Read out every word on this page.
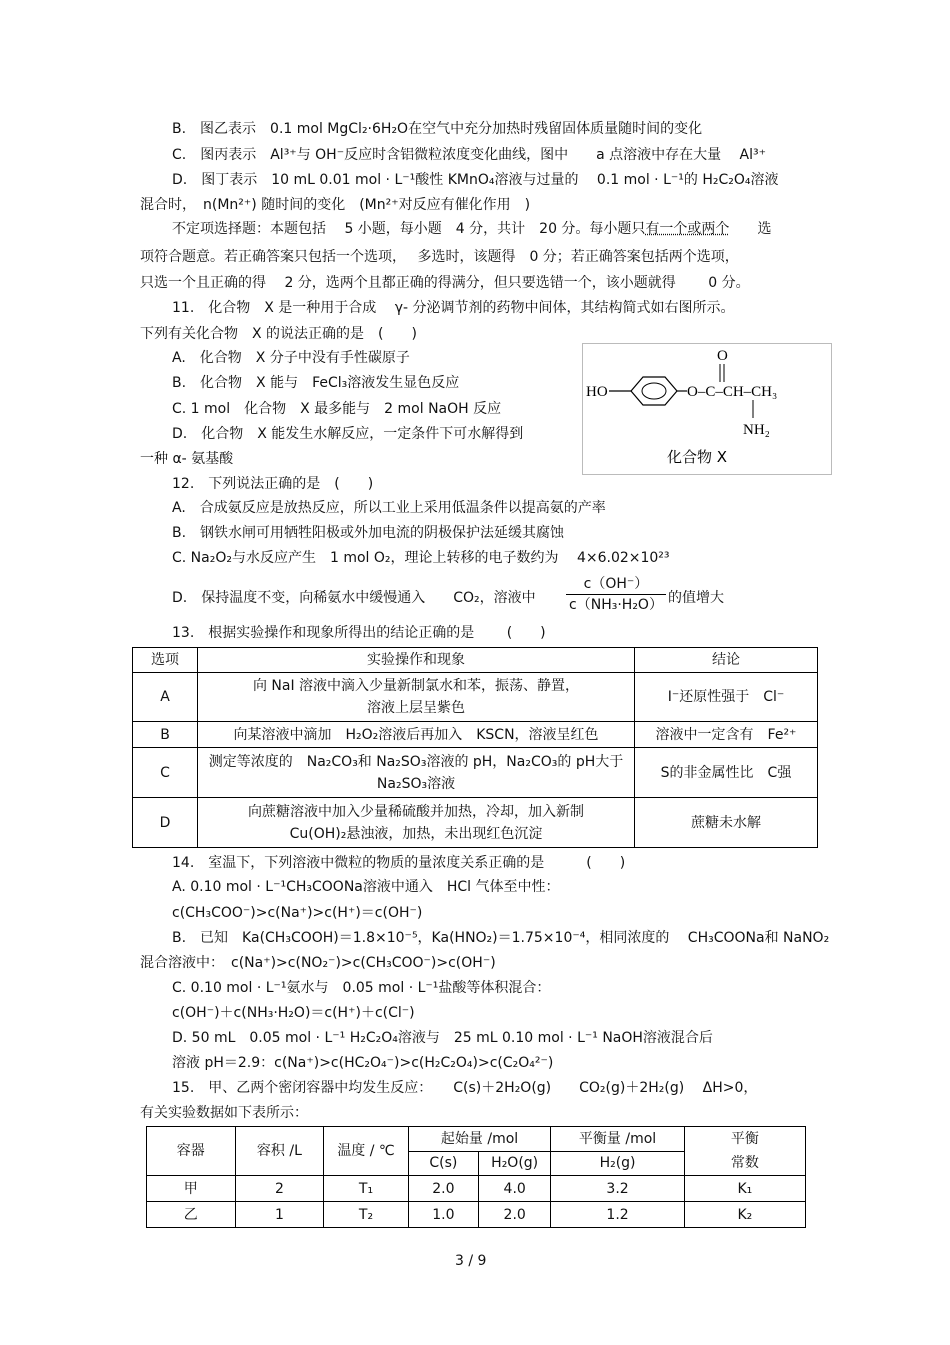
B.　图乙表示　0.1 mol MgCl₂·6H₂O在空气中充分加热时残留固体质量随时间的变化
C.　图丙表示　Al³⁺与 OH⁻反应时含铝微粒浓度变化曲线，图中　　a 点溶液中存在大量　 Al³⁺
D.　图丁表示　10 mL 0.01 mol · L⁻¹酸性 KMnO₄溶液与过量的　 0.1 mol · L⁻¹的 H₂C₂O₄溶液
混合时，　n(Mn²⁺) 随时间的变化　(Mn²⁺对反应有催化作用　)
不定项选择题：本题包括　 5 小题，每小题　4 分，共计　20 分。每小题只有一个或两个　　 选
项符合题意。若正确答案只包括一个选项，　 多选时，该题得　0 分；若正确答案包括两个选项，
只选一个且正确的得　 2 分，选两个且都正确的得满分，但只要选错一个，该小题就得　　 0 分。
11.　化合物　X 是一种用于合成　 γ- 分泌调节剂的药物中间体，其结构简式如右图所示。
下列有关化合物　X 的说法正确的是　(　　)
A.　化合物　X 分子中没有手性碳原子
B.　化合物　X 能与　FeCl₃溶液发生显色反应
C. 1 mol　化合物　X 最多能与　2 mol NaOH 反应
D.　化合物　X 能发生水解反应，一定条件下可水解得到
一种 α- 氨基酸
HO	O–C–CH–CH₃
O
NH₂
化合物 X
12.　下列说法正确的是　(　　)
A.　合成氨反应是放热反应，所以工业上采用低温条件以提高氨的产率
B.　钢铁水闸可用牺牲阳极或外加电流的阴极保护法延缓其腐蚀
C. Na₂O₂与水反应产生　1 mol O₂，理论上转移的电子数约为　 4×6.02×10²³
D.　保持温度不变，向稀氨水中缓慢通入　　CO₂，溶液中
c（OH⁻）
c（NH₃·H₂O） 的值增大
13.　根据实验操作和现象所得出的结论正确的是　　 (　　)
选项	实验操作和现象	结论
A	向 NaI 溶液中滴入少量新制氯水和苯，振荡、静置，溶液上层呈紫色	I⁻还原性强于　Cl⁻
B	向某溶液中滴加　H₂O₂溶液后再加入　KSCN，溶液呈红色	溶液中一定含有　Fe²⁺
C	测定等浓度的　Na₂CO₃和 Na₂SO₃溶液的 pH，Na₂CO₃的 pH大于 Na₂SO₃溶液	S的非金属性比　C强
D	向蔗糖溶液中加入少量稀硫酸并加热，冷却，加入新制 Cu(OH)₂悬浊液，加热，未出现红色沉淀	蔗糖未水解
14.　室温下，下列溶液中微粒的物质的量浓度关系正确的是　　　(　　)
A. 0.10 mol · L⁻¹CH₃COONa溶液中通入　HCl 气体至中性：
c(CH₃COO⁻)>c(Na⁺)>c(H⁺)＝c(OH⁻)
B.　已知　Ka(CH₃COOH)＝1.8×10⁻⁵，Ka(HNO₂)＝1.75×10⁻⁴，相同浓度的　 CH₃COONa和 NaNO₂
混合溶液中：　c(Na⁺)>c(NO₂⁻)>c(CH₃COO⁻)>c(OH⁻)
C. 0.10 mol · L⁻¹氨水与　0.05 mol · L⁻¹盐酸等体积混合：
c(OH⁻)＋c(NH₃·H₂O)＝c(H⁺)＋c(Cl⁻)
D. 50 mL　0.05 mol · L⁻¹ H₂C₂O₄溶液与　25 mL 0.10 mol · L⁻¹ NaOH溶液混合后
溶液 pH＝2.9：c(Na⁺)>c(HC₂O₄⁻)>c(H₂C₂O₄)>c(C₂O₄²⁻)
15.　甲、乙两个密闭容器中均发生反应：　　C(s)＋2H₂O(g)　　CO₂(g)＋2H₂(g)　 ΔH>0，
有关实验数据如下表所示：
容器	容积 /L	温度 / ℃	起始量 /mol		平衡量 /mol	平衡常数
			C(s)	H₂O(g)	H₂(g)	
甲	2	T₁	2.0	4.0	3.2	K₁
乙	1	T₂	1.0	2.0	1.2	K₂
3 / 9
